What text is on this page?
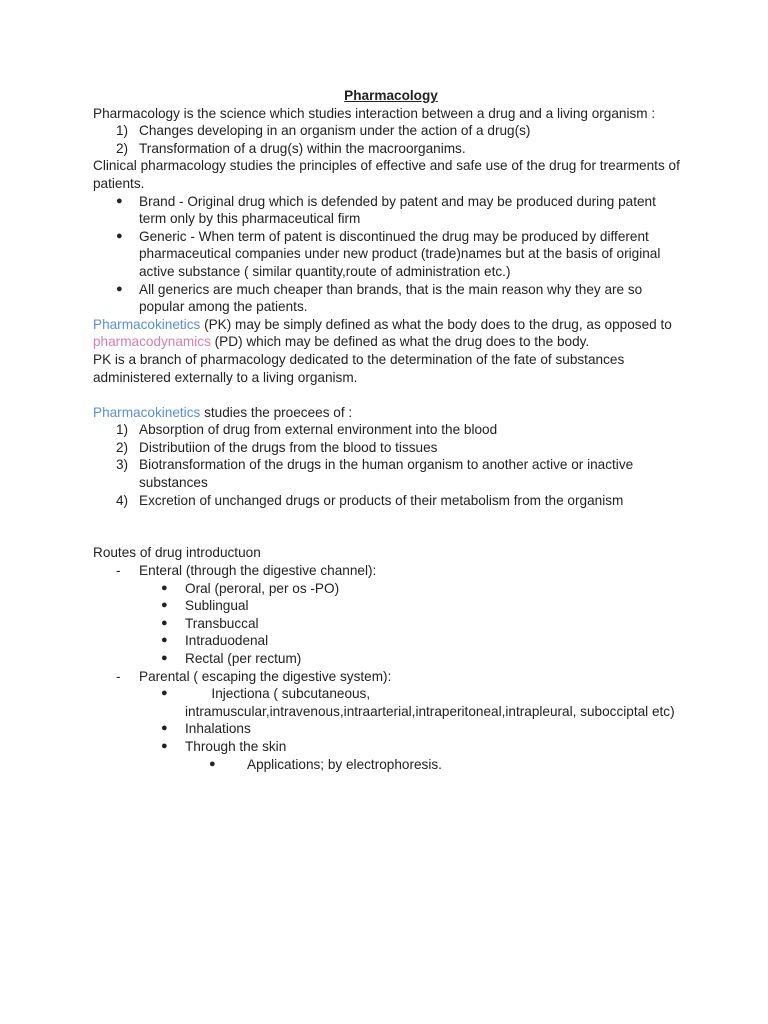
Pharmacology

Pharmacology is the science which studies interaction between a drug and a living organism :

1) Changes developing in an organism under the action of a drug(s)
2) Transformation of a drug(s) within the macroorganims.

Clinical pharmacology studies the principles of effective and safe use of the drug for trearments of patients.

●	Brand - Original drug which is defended by patent and may be produced during patent term only by this pharmaceutical firm
●	Generic - When term of patent is discontinued the drug may be produced by different pharmaceutical companies under new product (trade)names but at the basis of original active substance ( similar quantity,route of administration etc.)
●	All generics are much cheaper than brands, that is the main reason why they are so popular among the patients.

Pharmacokinetics (PK) may be simply defined as what the body does to the drug, as opposed to pharmacodynamics (PD) which may be defined as what the drug does to the body.

PK is a branch of pharmacology dedicated to the determination of the fate of substances administered externally to a living organism.

Pharmacokinetics studies the proecees of :

1) Absorption of drug from external environment into the blood
2) Distributiion of the drugs from the blood to tissues
3) Biotransformation of the drugs in the human organism to another active or inactive substances
4) Excretion of unchanged drugs or products of their metabolism from the organism

Routes of drug introductuon

-	Enteral (through the digestive channel):
●	Oral (peroral, per os -PO)
●	Sublingual
●	Transbuccal
●	Intraduodenal
●	Rectal (per rectum)
-	Parental ( escaping the digestive system):
●	Injectiona ( subcutaneous,
intramuscular,intravenous,intraarterial,intraperitoneal,intrapleural, subocciptal etc)
●	Inhalations
●	Through the skin
●	Applications; by electrophoresis.
